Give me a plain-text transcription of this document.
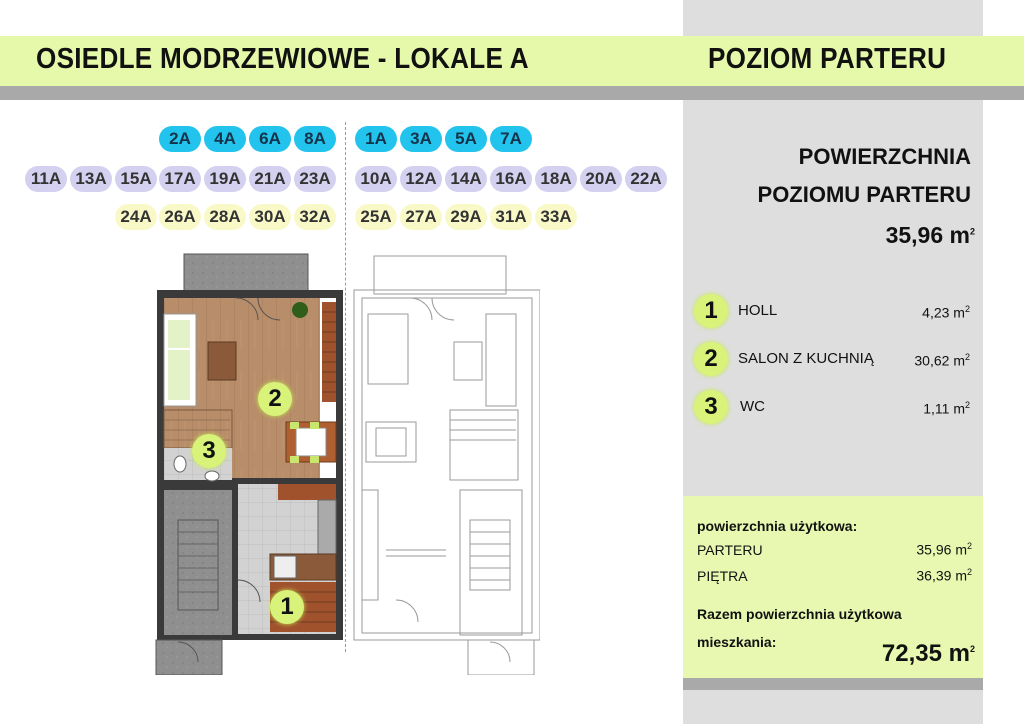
OSIEDLE MODRZEWIOWE - LOKALE A	POZIOM PARTERU
2A	4A	6A	8A
11A 13A 15A 17A 19A 21A 23A
24A 26A 28A 30A 32A
1A	3A	5A	7A
10A 12A 14A 16A 18A 20A 22A
25A 27A 29A 31A 33A
2
3
1
POWIERZCHNIA
POZIOMU PARTERU
35,96 $m^2$
1	HOLL	4,23 $m^2$
2	SALON Z KUCHNIĄ	30,62 $m^2$
3	WC	1,11 $m^2$
powierzchnia użytkowa:
PARTERU	35,96 $m^2$
PIĘTRA	36,39 $m^2$
Razem powierzchnia użytkowa
mieszkania:	72,35 $m^2$
